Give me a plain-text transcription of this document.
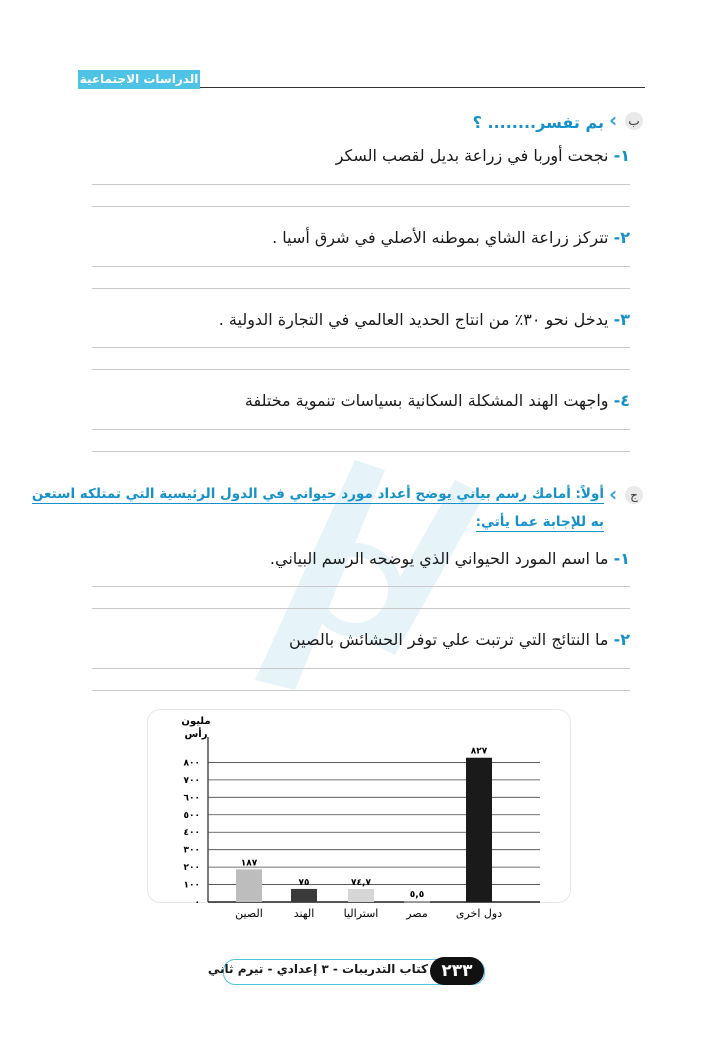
الدراسات الاجتماعية
ب
‹
بم تفسر........ ؟
١- نجحت أوربا في زراعة بديل لقصب السكر
٢- تتركز زراعة الشاي بموطنه الأصلي في شرق أسيا .
٣- يدخل نحو ٣٠٪ من انتاج الحديد العالمي في التجارة الدولية .
٤- واجهت الهند المشكلة السكانية بسياسات تنموية مختلفة
ج
‹
أولاً: أمامك رسم بياني يوضح أعداد مورد حيواني في الدول الرئيسية التي تمتلكه استعن
به للإجابة عما يأتي:
١- ما اسم المورد الحيواني الذي يوضحه الرسم البياني.
٢- ما النتائج التي ترتبت علي توفر الحشائش بالصين
٠
١٠٠
٢٠٠
٣٠٠
٤٠٠
٥٠٠
٦٠٠
٧٠٠
٨٠٠
١٨٧
الصين
٧٥
الهند
٧٤,٧
استراليا
٥,٥
مصر
٨٢٧
دول اخرى
مليون
رأس
كتاب التدريبات - ٣ إعدادي - تيرم ثاني ٢٣٣
